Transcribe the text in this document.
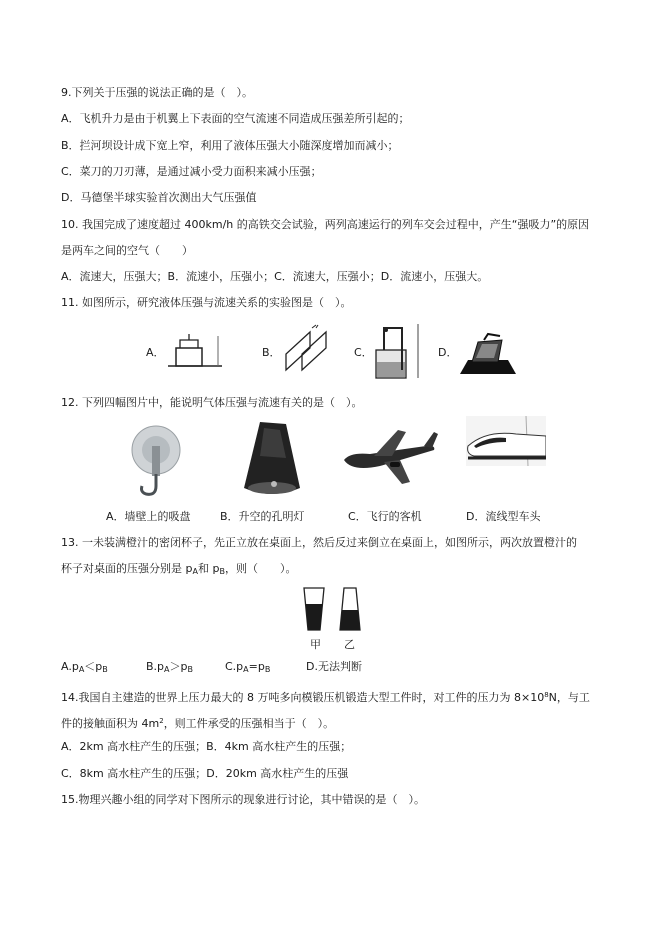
9.下列关于压强的说法正确的是（　）。
A．飞机升力是由于机翼上下表面的空气流速不同造成压强差所引起的；
B．拦河坝设计成下宽上窄，利用了液体压强大小随深度增加而减小；
C．菜刀的刀刃薄，是通过减小受力面积来减小压强；
D．马德堡半球实验首次测出大气压强值
10. 我国完成了速度超过 400km/h 的高铁交会试验，两列高速运行的列车交会过程中，产生“强吸力”的原因
是两车之间的空气（　　）
A．流速大，压强大；B．流速小，压强小；C．流速大，压强小；D．流速小，压强大。
11. 如图所示，研究液体压强与流速关系的实验图是（　）。
A．	B．	C．	D．
12. 下列四幅图片中，能说明气体压强与流速有关的是（　）。
A．墙壁上的吸盘	B．升空的孔明灯	C．飞行的客机	D．流线型车头
13. 一未装满橙汁的密闭杯子，先正立放在桌面上，然后反过来倒立在桌面上，如图所示，两次放置橙汁的
杯子对桌面的压强分别是 $p_A$和 $p_B$，则（　　）。
甲 乙
$A.p_A<p_B$	$B.p_A>p_B$	$C.p_A=p_B$	D.无法判断
14.我国自主建造的世界上压力最大的 8 万吨多向模锻压机锻造大型工件时，对工件的压力为 $8\times 10^8N$，与工
件的接触面积为 $4m^2$，则工件承受的压强相当于（　）。
A．2km 高水柱产生的压强；B．4km 高水柱产生的压强；
C．8km 高水柱产生的压强；D．20km 高水柱产生的压强
15.物理兴趣小组的同学对下图所示的现象进行讨论，其中错误的是（　）。
